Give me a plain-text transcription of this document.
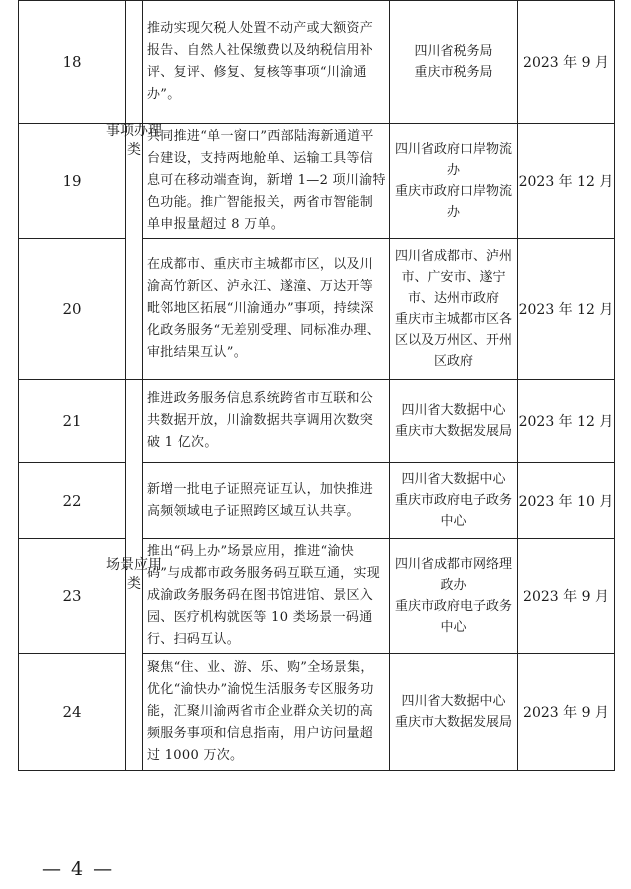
18		推动实现欠税人处置不动产或大额资产报告、自然人社保缴费以及纳税信用补评、复评、修复、复核等事项“川渝通办”。	四川省税务局
重庆市税务局	2023 年 9 月
19	事项办理类	共同推进“单一窗口”西部陆海新通道平台建设，支持两地舱单、运输工具等信息可在移动端查询，新增 1—2 项川渝特色功能。推广智能报关，两省市智能制单申报量超过 8 万单。	四川省政府口岸物流办
重庆市政府口岸物流办	2023 年 12 月
20		在成都市、重庆市主城都市区，以及川渝高竹新区、泸永江、遂潼、万达开等毗邻地区拓展“川渝通办”事项，持续深化政务服务“无差别受理、同标准办理、审批结果互认”。	四川省成都市、泸州市、广安市、遂宁市、达州市政府
重庆市主城都市区各区以及万州区、开州区政府	2023 年 12 月
21	场景应用类	推进政务服务信息系统跨省市互联和公共数据开放，川渝数据共享调用次数突破 1 亿次。	四川省大数据中心
重庆市大数据发展局	2023 年 12 月
22		新增一批电子证照亮证互认，加快推进高频领域电子证照跨区域互认共享。	四川省大数据中心
重庆市政府电子政务中心	2023 年 10 月
23		推出“码上办”场景应用，推进“渝快码”与成都市政务服务码互联互通，实现成渝政务服务码在图书馆进馆、景区入园、医疗机构就医等 10 类场景一码通行、扫码互认。	四川省成都市网络理政办
重庆市政府电子政务中心	2023 年 9 月
24		聚焦“住、业、游、乐、购”全场景集，优化“渝快办”渝悦生活服务专区服务功能，汇聚川渝两省市企业群众关切的高频服务事项和信息指南，用户访问量超过 1000 万次。	四川省大数据中心
重庆市大数据发展局	2023 年 9 月
— 4 —
